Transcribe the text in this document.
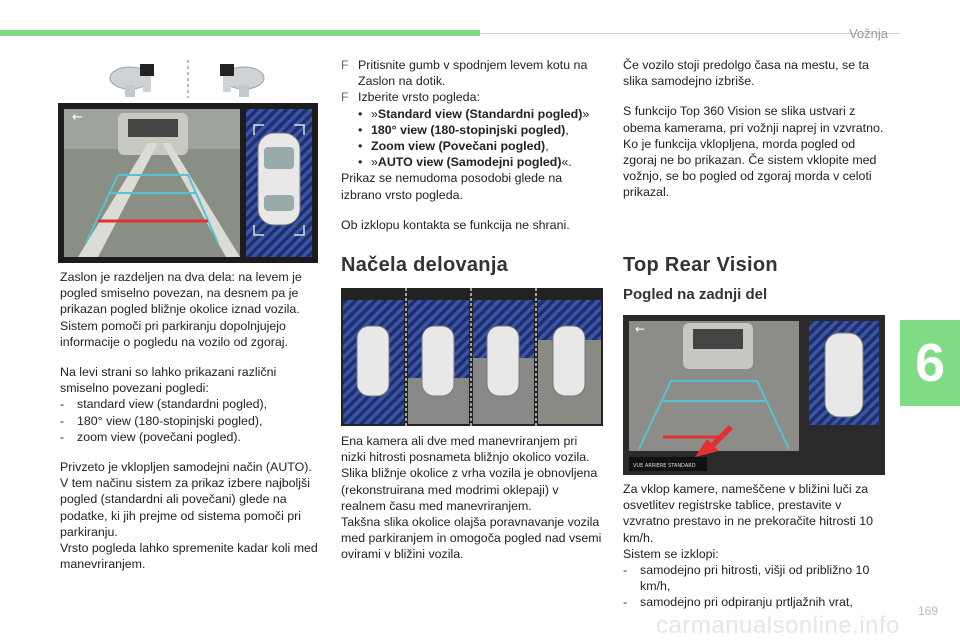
Vožnja
6
←

Zaslon je razdeljen na dva dela: na levem je pogled smiselno povezan, na desnem pa je prikazan pogled bližnje okolice iznad vozila. Sistem pomoči pri parkiranju dopolnjujejo informacije o pogledu na vozilo od zgoraj.

Na levi strani so lahko prikazani različni smiselno povezani pogledi:

- standard view (standardni pogled),
- 180° view (180-stopinjski pogled),
- zoom view (povečani pogled).

Privzeto je vklopljen samodejni način (AUTO). V tem načinu sistem za prikaz izbere najboljši pogled (standardni ali povečani) glede na podatke, ki jih prejme od sistema pomoči pri parkiranju.

Vrsto pogleda lahko spremenite kadar koli med manevriranjem.

F Pritisnite gumb v spodnjem levem kotu na Zaslon na dotik.
F Izberite vrsto pogleda:
• »Standard view (Standardni pogled)»
• 180° view (180-stopinjski pogled),
• Zoom view (Povečani pogled),
• »AUTO view (Samodejni pogled)«.

Prikaz se nemudoma posodobi glede na izbrano vrsto pogleda.

Ob izklopu kontakta se funkcija ne shrani.

Načela delovanja

Ena kamera ali dve med manevriranjem pri nizki hitrosti posnameta bližnjo okolico vozila.

Slika bližnje okolice z vrha vozila je obnovljena (rekonstruirana med modrimi oklepaji) v realnem času med manevriranjem.

Takšna slika okolice olajša poravnavanje vozila med parkiranjem in omogoča pogled nad vsemi ovirami v bližini vozila.

Če vozilo stoji predolgo časa na mestu, se ta slika samodejno izbriše.

S funkcijo Top 360 Vision se slika ustvari z obema kamerama, pri vožnji naprej in vzvratno.

Ko je funkcija vklopljena, morda pogled od zgoraj ne bo prikazan. Če sistem vklopite med vožnjo, se bo pogled od zgoraj morda v celoti prikazal.

Top Rear Vision
Pogled na zadnji del
←
VUE ARRIERE STANDARD

Za vklop kamere, nameščene v bližini luči za osvetlitev registrske tablice, prestavite v vzvratno prestavo in ne prekoračite hitrosti 10 km/h.

Sistem se izklopi:

- samodejno pri hitrosti, višji od približno 10 km/h,
- samodejno pri odpiranju prtljažnih vrat,
carmanualsonline.info
169
